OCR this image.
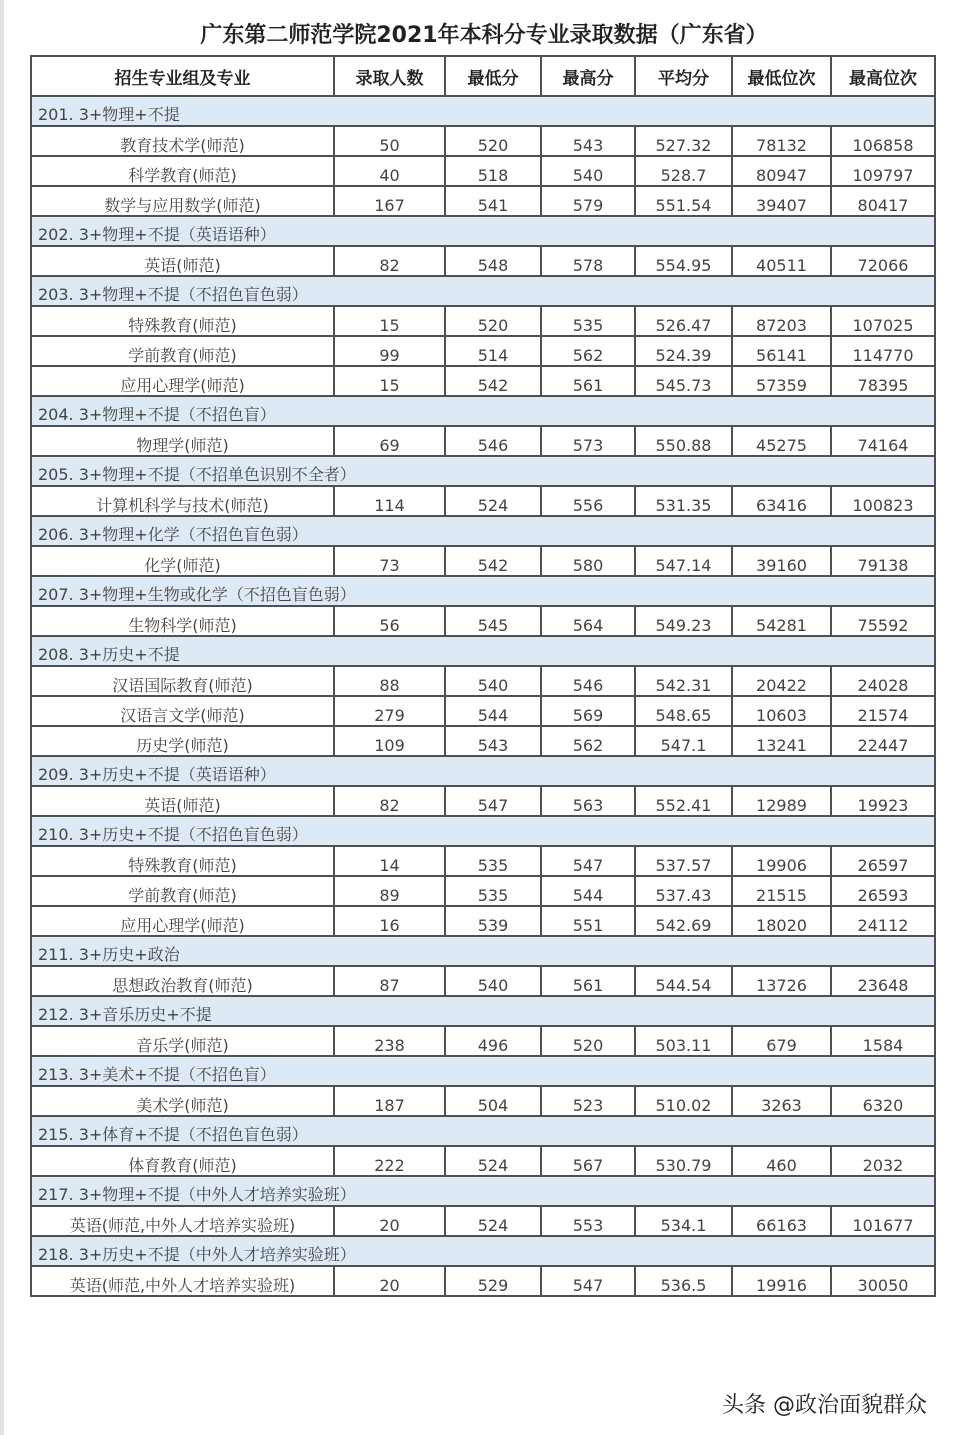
广东第二师范学院2021年本科分专业录取数据（广东省）
招生专业组及专业	录取人数	最低分	最高分	平均分	最低位次	最高位次
201. 3+物理+不提						
教育技术学(师范)	50	520	543	527.32	78132	106858
科学教育(师范)	40	518	540	528.7	80947	109797
数学与应用数学(师范)	167	541	579	551.54	39407	80417
202. 3+物理+不提（英语语种）						
英语(师范)	82	548	578	554.95	40511	72066
203. 3+物理+不提（不招色盲色弱）						
特殊教育(师范)	15	520	535	526.47	87203	107025
学前教育(师范)	99	514	562	524.39	56141	114770
应用心理学(师范)	15	542	561	545.73	57359	78395
204. 3+物理+不提（不招色盲）						
物理学(师范)	69	546	573	550.88	45275	74164
205. 3+物理+不提（不招单色识别不全者）						
计算机科学与技术(师范)	114	524	556	531.35	63416	100823
206. 3+物理+化学（不招色盲色弱）						
化学(师范)	73	542	580	547.14	39160	79138
207. 3+物理+生物或化学（不招色盲色弱）						
生物科学(师范)	56	545	564	549.23	54281	75592
208. 3+历史+不提						
汉语国际教育(师范)	88	540	546	542.31	20422	24028
汉语言文学(师范)	279	544	569	548.65	10603	21574
历史学(师范)	109	543	562	547.1	13241	22447
209. 3+历史+不提（英语语种）						
英语(师范)	82	547	563	552.41	12989	19923
210. 3+历史+不提（不招色盲色弱）						
特殊教育(师范)	14	535	547	537.57	19906	26597
学前教育(师范)	89	535	544	537.43	21515	26593
应用心理学(师范)	16	539	551	542.69	18020	24112
211. 3+历史+政治						
思想政治教育(师范)	87	540	561	544.54	13726	23648
212. 3+音乐历史+不提						
音乐学(师范)	238	496	520	503.11	679	1584
213. 3+美术+不提（不招色盲）						
美术学(师范)	187	504	523	510.02	3263	6320
215. 3+体育+不提（不招色盲色弱）						
体育教育(师范)	222	524	567	530.79	460	2032
217. 3+物理+不提（中外人才培养实验班）						
英语(师范,中外人才培养实验班)	20	524	553	534.1	66163	101677
218. 3+历史+不提（中外人才培养实验班）						
英语(师范,中外人才培养实验班)	20	529	547	536.5	19916	30050
头条 @政治面貌群众
